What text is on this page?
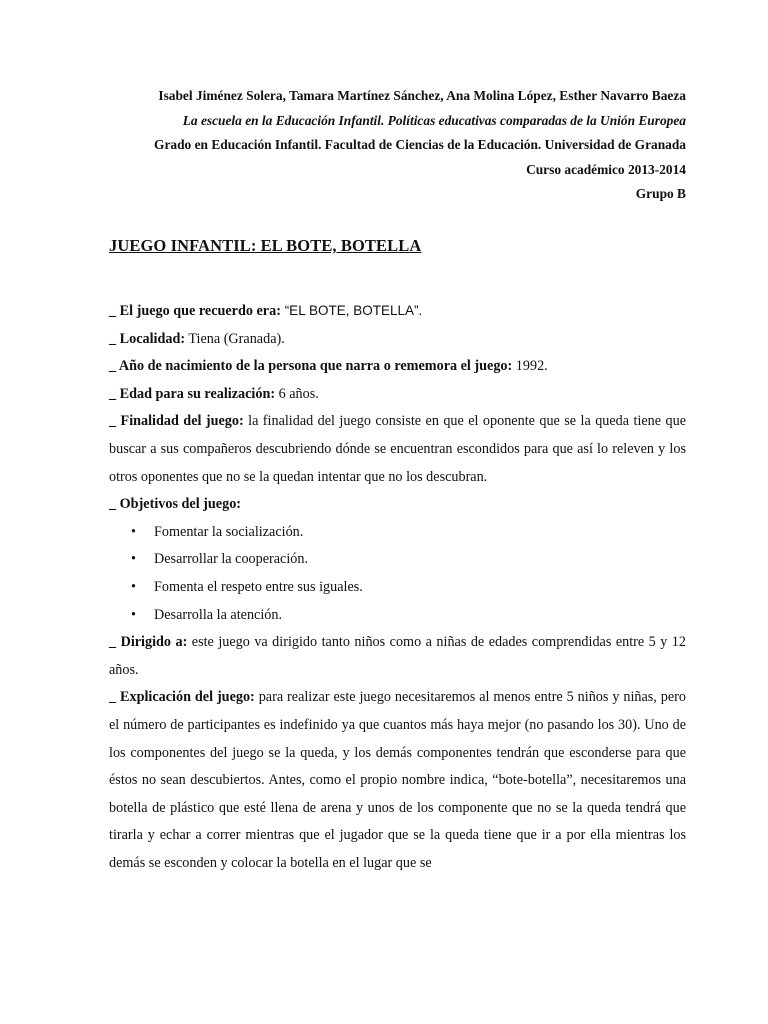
Isabel Jiménez Solera, Tamara Martínez Sánchez, Ana Molina López, Esther Navarro Baeza
La escuela en la Educación Infantil. Políticas educativas comparadas de la Unión Europea
Grado en Educación Infantil. Facultad de Ciencias de la Educación. Universidad de Granada
Curso académico 2013-2014
Grupo B
JUEGO INFANTIL: EL BOTE, BOTELLA

_ El juego que recuerdo era: “EL BOTE, BOTELLA”.

_ Localidad: Tiena (Granada).

_ Año de nacimiento de la persona que narra o rememora el juego: 1992.

_ Edad para su realización: 6 años.

_ Finalidad del juego: la finalidad del juego consiste en que el oponente que se la queda tiene que buscar a sus compañeros descubriendo dónde se encuentran escondidos para que así lo releven y los otros oponentes que no se la quedan intentar que no los descubran.

_ Objetivos del juego:

• Fomentar la socialización.
• Desarrollar la cooperación.
• Fomenta el respeto entre sus iguales.
• Desarrolla la atención.

_ Dirigido a: este juego va dirigido tanto niños como a niñas de edades comprendidas entre 5 y 12 años.

_ Explicación del juego: para realizar este juego necesitaremos al menos entre 5 niños y niñas, pero el número de participantes es indefinido ya que cuantos más haya mejor (no pasando los 30). Uno de los componentes del juego se la queda, y los demás componentes tendrán que esconderse para que éstos no sean descubiertos. Antes, como el propio nombre indica, “bote-botella”, necesitaremos una botella de plástico que esté llena de arena y unos de los componente que no se la queda tendrá que tirarla y echar a correr mientras que el jugador que se la queda tiene que ir a por ella mientras los demás se esconden y colocar la botella en el lugar que se
